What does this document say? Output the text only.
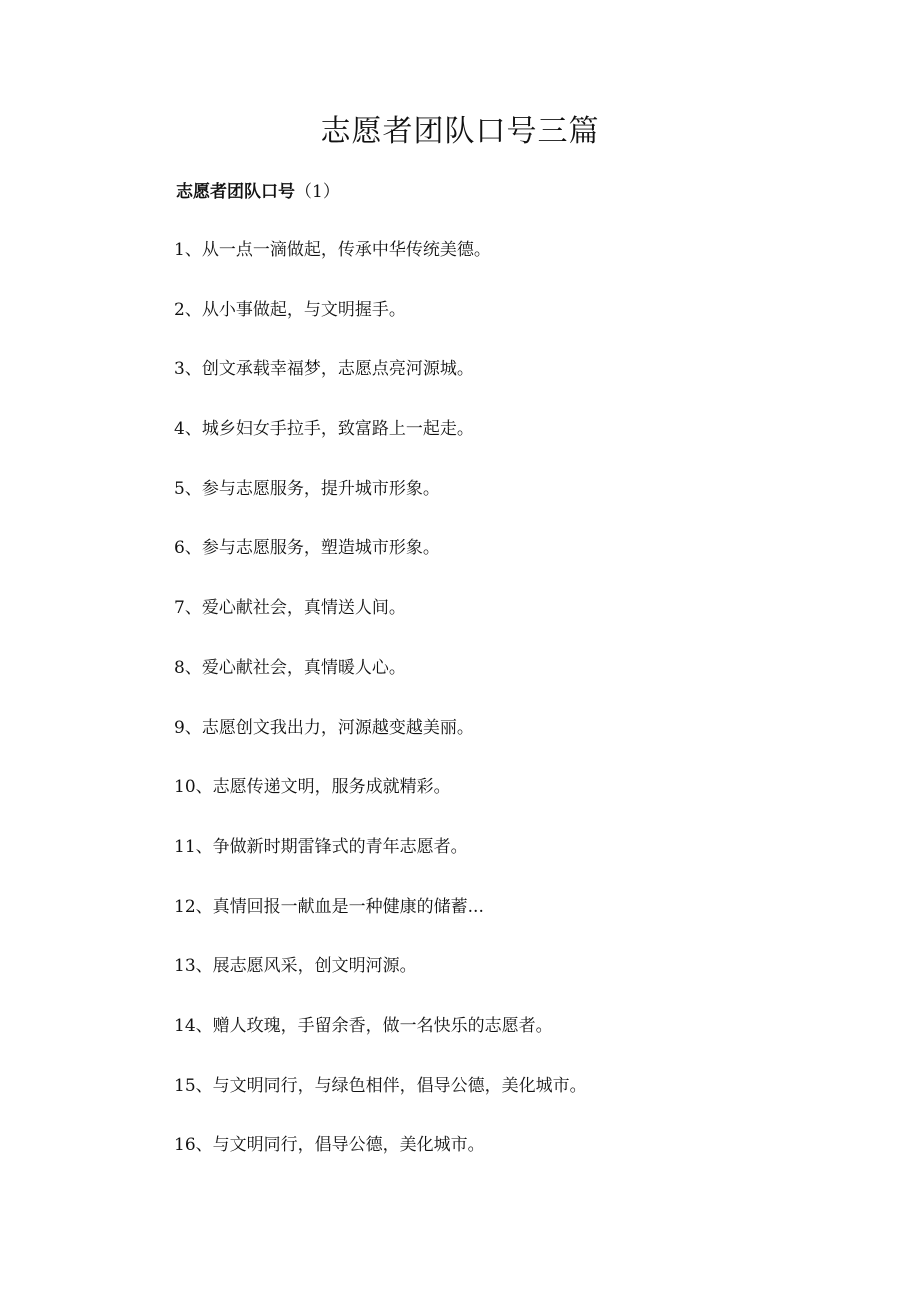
志愿者团队口号三篇

志愿者团队口号（1）

1、从一点一滴做起，传承中华传统美德。
2、从小事做起，与文明握手。
3、创文承载幸福梦，志愿点亮河源城。
4、城乡妇女手拉手，致富路上一起走。
5、参与志愿服务，提升城市形象。
6、参与志愿服务，塑造城市形象。
7、爱心献社会，真情送人间。
8、爱心献社会，真情暖人心。
9、志愿创文我出力，河源越变越美丽。
10、志愿传递文明，服务成就精彩。
11、争做新时期雷锋式的青年志愿者。
12、真情回报一献血是一种健康的储蓄...
13、展志愿风采，创文明河源。
14、赠人玫瑰，手留余香，做一名快乐的志愿者。
15、与文明同行，与绿色相伴，倡导公德，美化城市。
16、与文明同行，倡导公德，美化城市。
